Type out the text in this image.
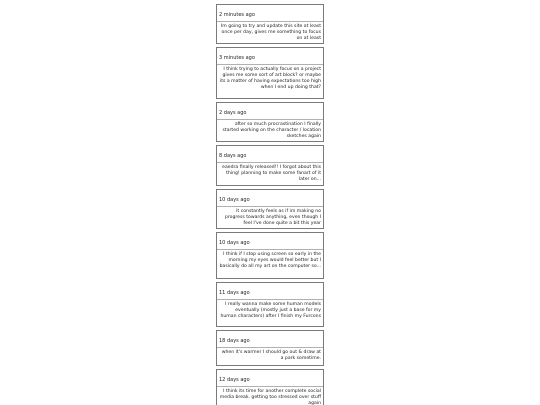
2 minutes ago
Im going to try and update this site at least once per day, gives me something to focus on at least
3 minutes ago
I think trying to actually focus on a project gives me some sort of art block? or maybe its a matter of having expectations too high when I end up doing that?
2 days ago
after so much procrastination I finally started working on the character / location sketches again
8 days ago
eaedra finally released!! I forgot about this thing! planning to make some fanart of it later on...
10 days ago
it constantly feels as if im making no progress towards anything, even though I feel I've done quite a bit this year
10 days ago
I think if I stop using screen so early in the morning my eyes would feel better but I basically do all my art on the computer so...
11 days ago
I really wanna make some human models eventually (mostly just a base for my human characters) after I finish my Furcons
18 days ago
when it's warmer I should go out & draw at a park sometime.
12 days ago
I think its time for another complete social media break. getting too stressed over stuff again
